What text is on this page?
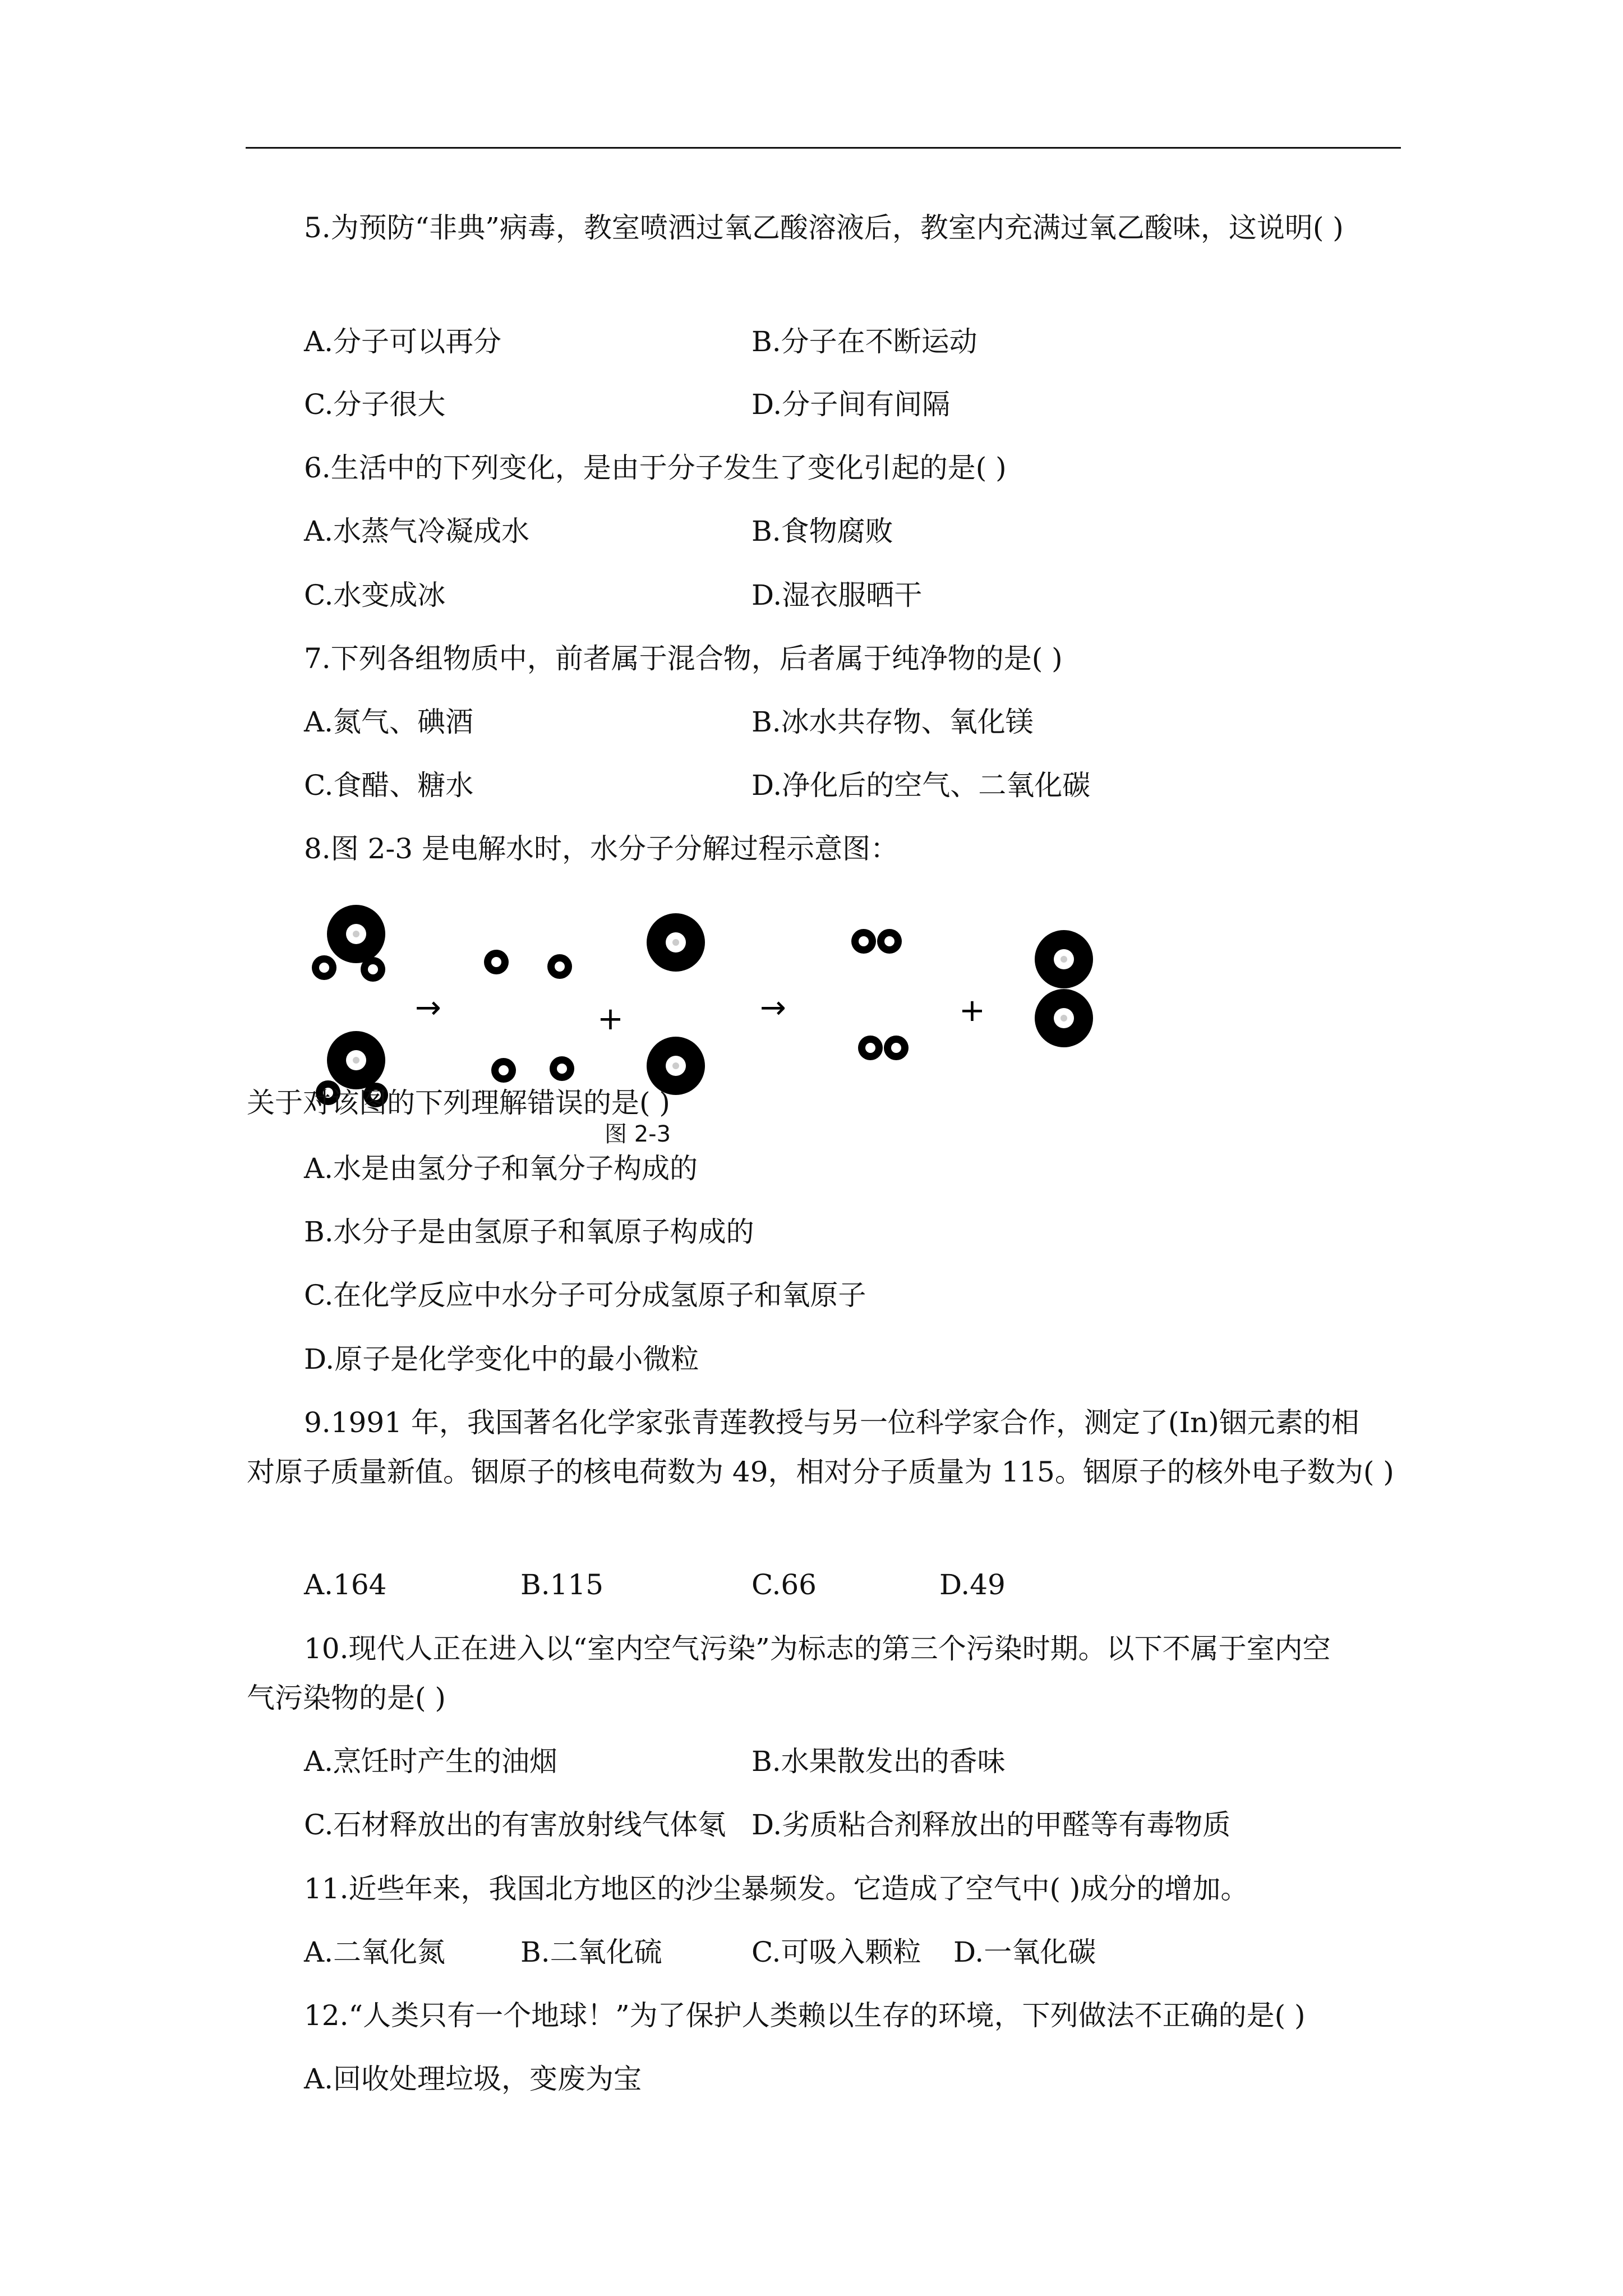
5.为预防“非典”病毒，教室喷洒过氧乙酸溶液后，教室内充满过氧乙酸味，这说明( )
A.分子可以再分	B.分子在不断运动
C.分子很大	D.分子间有间隔
6.生活中的下列变化，是由于分子发生了变化引起的是( )
A.水蒸气冷凝成水	B.食物腐败
C.水变成冰	D.湿衣服晒干
7.下列各组物质中，前者属于混合物，后者属于纯净物的是( )
A.氮气、碘酒	B.冰水共存物、氧化镁
C.食醋、糖水	D.净化后的空气、二氧化碳
8.图 2-3 是电解水时，水分子分解过程示意图：
→	+	→	+
关于对该图的下列理解错误的是( )
图 2-3
A.水是由氢分子和氧分子构成的
B.水分子是由氢原子和氧原子构成的
C.在化学反应中水分子可分成氢原子和氧原子
D.原子是化学变化中的最小微粒
9.1991 年，我国著名化学家张青莲教授与另一位科学家合作，测定了(In)铟元素的相
对原子质量新值。铟原子的核电荷数为 49，相对分子质量为 115。铟原子的核外电子数为( )
A.164	B.115	C.66	D.49
10.现代人正在进入以“室内空气污染”为标志的第三个污染时期。以下不属于室内空
气污染物的是( )
A.烹饪时产生的油烟	B.水果散发出的香味
C.石材释放出的有害放射线气体氡 D.劣质粘合剂释放出的甲醛等有毒物质
11.近些年来，我国北方地区的沙尘暴频发。它造成了空气中( )成分的增加。
A.二氧化氮	B.二氧化硫	C.可吸入颗粒 D.一氧化碳
12.“人类只有一个地球！”为了保护人类赖以生存的环境，下列做法不正确的是( )
A.回收处理垃圾，变废为宝
